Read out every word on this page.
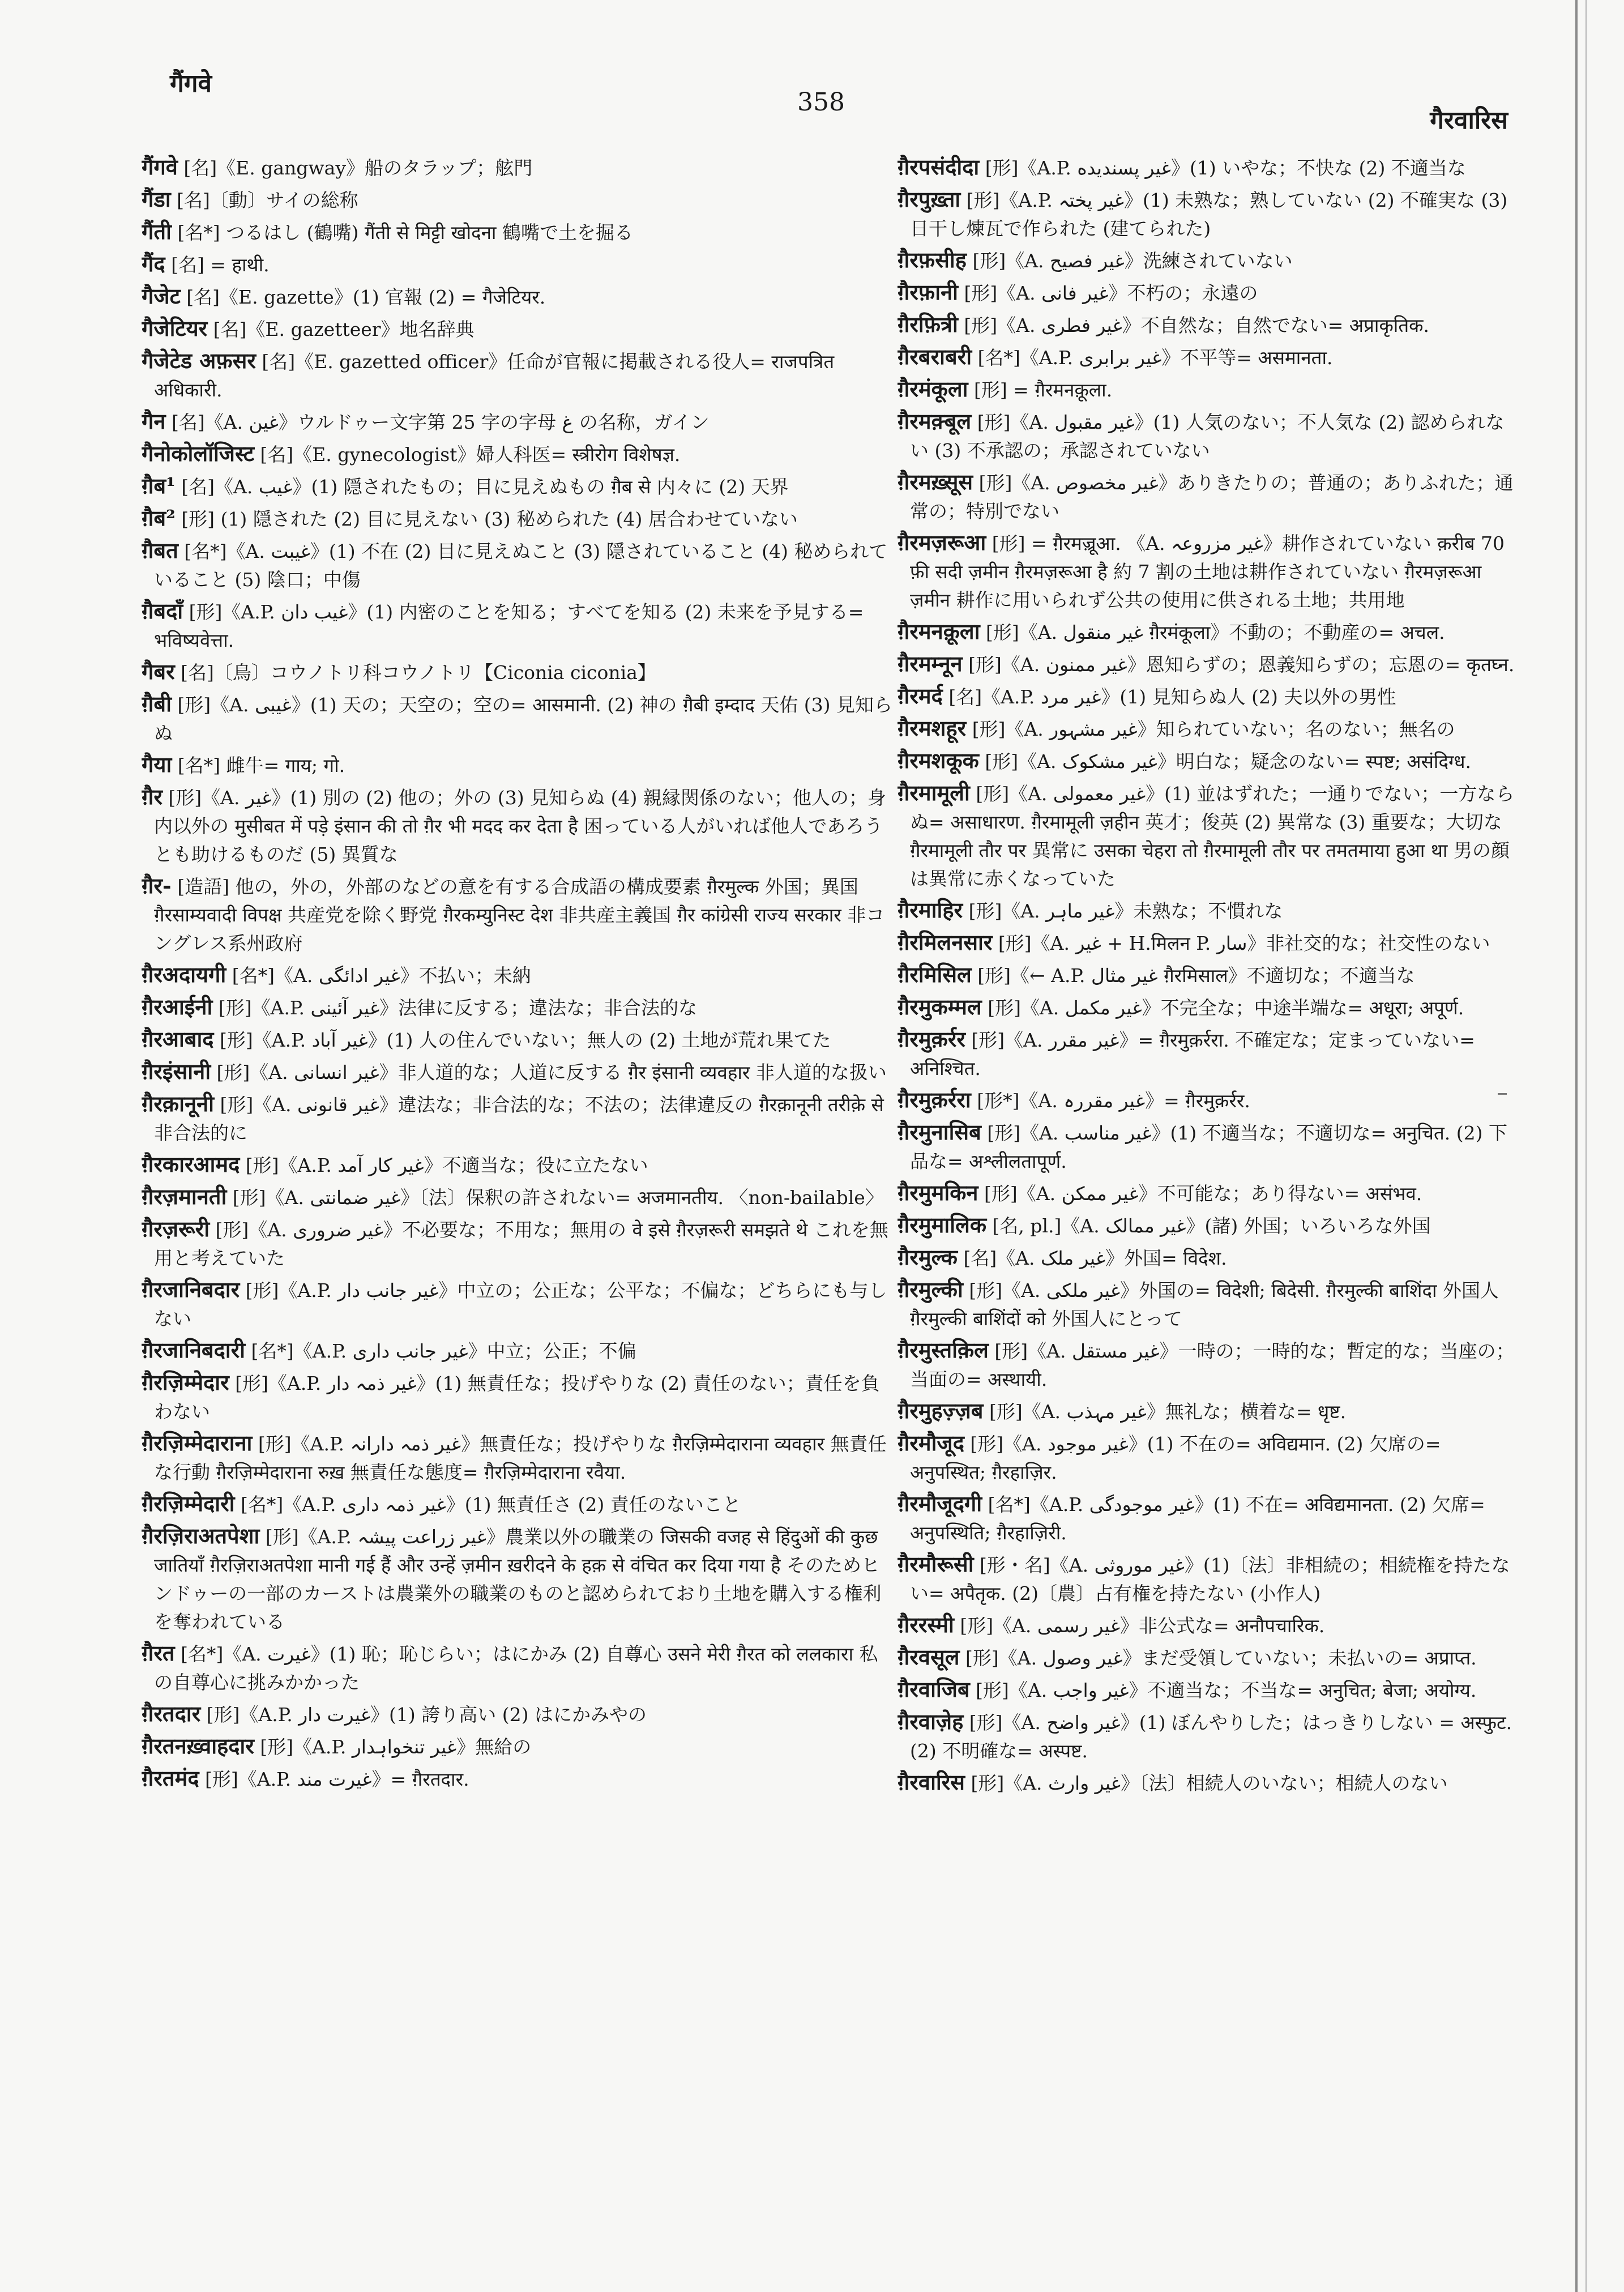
गैंगवे
358
गैरवारिस

गैंगवे [名]《E. gangway》船のタラップ；舷門

गैंडा [名]〔動〕サイの総称

गैंती [名*] つるはし (鶴嘴) गैंती से मिट्टी खोदना 鶴嘴で土を掘る

गैंद [名] = हाथी.

गैजेट [名]《E. gazette》(1) 官報 (2) = गैजेटियर.

गैजेटियर [名]《E. gazetteer》地名辞典

गैजेटेड अफ़सर [名]《E. gazetted officer》任命が官報に掲載される役人= राजपत्रित अधिकारी.

गैन [名]《A. غین》ウルドゥー文字第 25 字の字母 غ の名称，ガイン

गैनोकोलॉजिस्ट [名]《E. gynecologist》婦人科医= स्त्रीरोग विशेषज्ञ.

ग़ैब¹ [名]《A. غیب》(1) 隠されたもの；目に見えぬもの ग़ैब से 内々に (2) 天界

ग़ैब² [形] (1) 隠された (2) 目に見えない (3) 秘められた (4) 居合わせていない

ग़ैबत [名*]《A. غیبت》(1) 不在 (2) 目に見えぬこと (3) 隠されていること (4) 秘められていること (5) 陰口；中傷

ग़ैबदाँ [形]《A.P. غیب دان》(1) 内密のことを知る；すべてを知る (2) 未来を予見する= भविष्यवेत्ता.

गैबर [名]〔鳥〕コウノトリ科コウノトリ【Ciconia ciconia】

ग़ैबी [形]《A. غیبی》(1) 天の；天空の；空の= आसमानी. (2) 神の ग़ैबी इम्दाद 天佑 (3) 見知らぬ

गैया [名*] 雌牛= गाय; गो.

ग़ैर [形]《A. غیر》(1) 別の (2) 他の；外の (3) 見知らぬ (4) 親縁関係のない；他人の；身内以外の मुसीबत में पड़े इंसान की तो ग़ैर भी मदद कर देता है 困っている人がいれば他人であろうとも助けるものだ (5) 異質な

ग़ैर- [造語] 他の，外の，外部のなどの意を有する合成語の構成要素 ग़ैरमुल्क 外国；異国 ग़ैरसाम्यवादी विपक्ष 共産党を除く野党 ग़ैरकम्युनिस्ट देश 非共産主義国 ग़ैर कांग्रेसी राज्य सरकार 非コングレス系州政府

ग़ैरअदायगी [名*]《A. غیر ادائگی》不払い；未納

ग़ैरआईनी [形]《A.P. غیر آئینی》法律に反する；違法な；非合法的な

ग़ैरआबाद [形]《A.P. غیر آباد》(1) 人の住んでいない；無人の (2) 土地が荒れ果てた

ग़ैरइंसानी [形]《A. غیر انسانی》非人道的な；人道に反する ग़ैर इंसानी व्यवहार 非人道的な扱い

ग़ैरक़ानूनी [形]《A. غیر قانونی》違法な；非合法的な；不法の；法律違反の ग़ैरक़ानूनी तरीक़े से 非合法的に

ग़ैरकारआमद [形]《A.P. غیر کار آمد》不適当な；役に立たない

ग़ैरज़मानती [形]《A. غیر ضمانتی》〔法〕保釈の許されない= अजमानतीय. 〈non-bailable〉

ग़ैरज़रूरी [形]《A. غیر ضروری》不必要な；不用な；無用の वे इसे ग़ैरज़रूरी समझते थे これを無用と考えていた

ग़ैरजानिबदार [形]《A.P. غیر جانب دار》中立の；公正な；公平な；不偏な；どちらにも与しない

ग़ैरजानिबदारी [名*]《A.P. غیر جانب داری》中立；公正；不偏

ग़ैरज़िम्मेदार [形]《A.P. غیر ذمہ دار》(1) 無責任な；投げやりな (2) 責任のない；責任を負わない

ग़ैरज़िम्मेदाराना [形]《A.P. غیر ذمہ دارانہ》無責任な；投げやりな ग़ैरज़िम्मेदाराना व्यवहार 無責任な行動 ग़ैरज़िम्मेदाराना रुख़ 無責任な態度= ग़ैरज़िम्मेदाराना रवैया.

ग़ैरज़िम्मेदारी [名*]《A.P. غیر ذمہ داری》(1) 無責任さ (2) 責任のないこと

ग़ैरज़िराअतपेशा [形]《A.P. غیر زراعت پیشہ》農業以外の職業の जिसकी वजह से हिंदुओं की कुछ जातियाँ ग़ैरज़िराअतपेशा मानी गई हैं और उन्हें ज़मीन ख़रीदने के हक़ से वंचित कर दिया गया है そのためヒンドゥーの一部のカーストは農業外の職業のものと認められており土地を購入する権利を奪われている

ग़ैरत [名*]《A. غیرت》(1) 恥；恥じらい；はにかみ (2) 自尊心 उसने मेरी ग़ैरत को ललकारा 私の自尊心に挑みかかった

ग़ैरतदार [形]《A.P. غیرت دار》(1) 誇り高い (2) はにかみやの

ग़ैरतनख़्वाहदार [形]《A.P. غیر تنخواہدار》無給の

ग़ैरतमंद [形]《A.P. غیرت مند》= ग़ैरतदार.

ग़ैरपसंदीदा [形]《A.P. غیر پسندیده》(1) いやな；不快な (2) 不適当な

ग़ैरपुख़्ता [形]《A.P. غیر پختہ》(1) 未熟な；熟していない (2) 不確実な (3) 日干し煉瓦で作られた (建てられた)

ग़ैरफ़सीह [形]《A. غیر فصیح》洗練されていない

ग़ैरफ़ानी [形]《A. غیر فانی》不朽の；永遠の

ग़ैरफ़ित्री [形]《A. غیر فطری》不自然な；自然でない= अप्राकृतिक.

ग़ैरबराबरी [名*]《A.P. غیر برابری》不平等= असमानता.

ग़ैरमंकूला [形] = ग़ैरमनक़ूला.

ग़ैरमक़्बूल [形]《A. غیر مقبول》(1) 人気のない；不人気な (2) 認められない (3) 不承認の；承認されていない

ग़ैरमख़्सूस [形]《A. غیر مخصوص》ありきたりの；普通の；ありふれた；通常の；特別でない

ग़ैरमज़रूआ [形] = ग़ैरमज़्रूआ. 《A. غیر مزروعہ》耕作されていない क़रीब 70 फ़ी सदी ज़मीन ग़ैरमज़रूआ है 約 7 割の土地は耕作されていない ग़ैरमज़रूआ ज़मीन 耕作に用いられず公共の使用に供される土地；共用地

ग़ैरमनक़ूला [形]《A. غیر منقول ग़ैरमंकूला》不動の；不動産の= अचल.

ग़ैरमम्नून [形]《A. غیر ممنون》恩知らずの；恩義知らずの；忘恩の= कृतघ्न.

ग़ैरमर्द [名]《A.P. غیر مرد》(1) 見知らぬ人 (2) 夫以外の男性

ग़ैरमशहूर [形]《A. غیر مشہور》知られていない；名のない；無名の

ग़ैरमशकूक [形]《A. غیر مشکوک》明白な；疑念のない= स्पष्ट; असंदिग्ध.

ग़ैरमामूली [形]《A. غیر معمولی》(1) 並はずれた；一通りでない；一方ならぬ= असाधारण. ग़ैरमामूली ज़हीन 英才；俊英 (2) 異常な (3) 重要な；大切な ग़ैरमामूली तौर पर 異常に उसका चेहरा तो ग़ैरमामूली तौर पर तमतमाया हुआ था 男の顔は異常に赤くなっていた

ग़ैरमाहिर [形]《A. غیر ماہر》未熟な；不慣れな

ग़ैरमिलनसार [形]《A. غیر + H.मिलन P. سار》非社交的な；社交性のない

ग़ैरमिसिल [形]《← A.P. غیر مثال ग़ैरमिसाल》不適切な；不適当な

ग़ैरमुकम्मल [形]《A. غیر مکمل》不完全な；中途半端な= अधूरा; अपूर्ण.

ग़ैरमुक़र्रर [形]《A. غیر مقرر》= ग़ैरमुक़र्ररा. 不確定な；定まっていない= अनिश्चित.

ग़ैरमुक़र्ररा [形*]《A. غیر مقررہ》= ग़ैरमुक़र्रर.

ग़ैरमुनासिब [形]《A. غیر مناسب》(1) 不適当な；不適切な= अनुचित. (2) 下品な= अश्लीलतापूर्ण.

ग़ैरमुमकिन [形]《A. غیر ممکن》不可能な；あり得ない= असंभव.

ग़ैरमुमालिक [名, pl.]《A. غیر ممالک》(諸) 外国；いろいろな外国

ग़ैरमुल्क [名]《A. غیر ملک》外国= विदेश.

ग़ैरमुल्की [形]《A. غیر ملکی》外国の= विदेशी; बिदेसी. ग़ैरमुल्की बाशिंदा 外国人 ग़ैरमुल्की बाशिंदों को 外国人にとって

ग़ैरमुस्तक़िल [形]《A. غیر مستقل》一時の；一時的な；暫定的な；当座の；当面の= अस्थायी.

ग़ैरमुहज़्ज़ब [形]《A. غیر مہذب》無礼な；横着な= धृष्ट.

ग़ैरमौजूद [形]《A. غیر موجود》(1) 不在の= अविद्यमान. (2) 欠席の= अनुपस्थित; ग़ैरहाज़िर.

ग़ैरमौजूदगी [名*]《A.P. غیر موجودگی》(1) 不在= अविद्यमानता. (2) 欠席= अनुपस्थिति; ग़ैरहाज़िरी.

ग़ैरमौरूसी [形・名]《A. غیر موروثی》(1)〔法〕非相続の；相続権を持たない= अपैतृक. (2)〔農〕占有権を持たない (小作人)

ग़ैररस्मी [形]《A. غیر رسمی》非公式な= अनौपचारिक.

ग़ैरवसूल [形]《A. غیر وصول》まだ受領していない；未払いの= अप्राप्त.

ग़ैरवाजिब [形]《A. غیر واجب》不適当な；不当な= अनुचित; बेजा; अयोग्य.

ग़ैरवाज़ेह [形]《A. غیر واضح》(1) ぼんやりした；はっきりしない = अस्फुट. (2) 不明確な= अस्पष्ट.

ग़ैरवारिस [形]《A. غیر وارث》〔法〕相続人のいない；相続人のない
